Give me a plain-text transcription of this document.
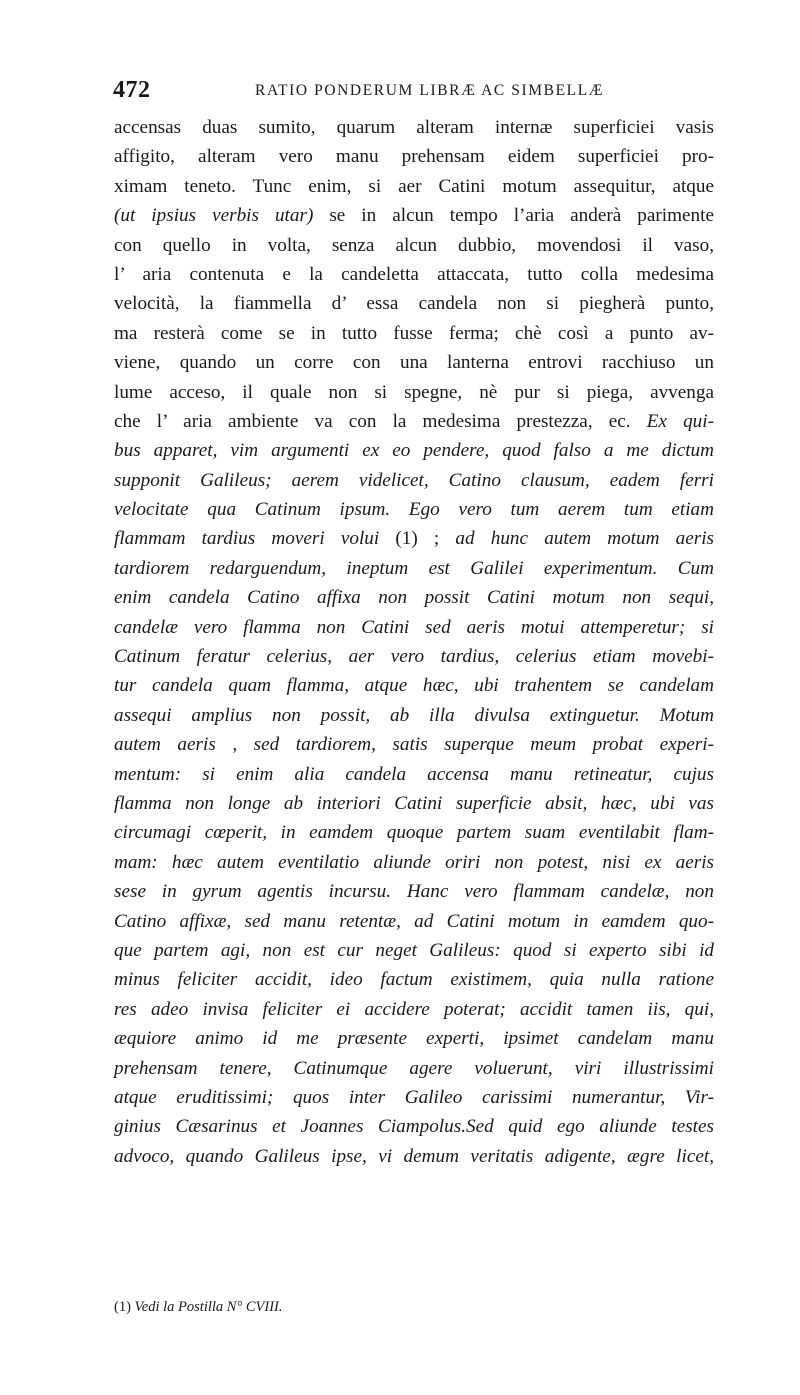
472	RATIO PONDERUM LIBRÆ AC SIMBELLÆ
accensas duas sumito, quarum alteram internæ superficiei vasis
affigito, alteram vero manu prehensam eidem superficiei pro-
ximam teneto. Tunc enim, si aer Catini motum assequitur, atque
(ut ipsius verbis utar) se in alcun tempo l’aria anderà parimente
con quello in volta, senza alcun dubbio, movendosi il vaso,
l’ aria contenuta e la candeletta attaccata, tutto colla medesima
velocità, la fiammella d’ essa candela non si piegherà punto,
ma resterà come se in tutto fusse ferma; chè così a punto av-
viene, quando un corre con una lanterna entrovi racchiuso un
lume acceso, il quale non si spegne, nè pur si piega, avvenga
che l’ aria ambiente va con la medesima prestezza, ec. Ex qui-
bus apparet, vim argumenti ex eo pendere, quod falso a me dictum
supponit Galileus; aerem videlicet, Catino clausum, eadem ferri
velocitate qua Catinum ipsum. Ego vero tum aerem tum etiam
flammam tardius moveri volui (1) ; ad hunc autem motum aeris
tardiorem redarguendum, ineptum est Galilei experimentum. Cum
enim candela Catino affixa non possit Catini motum non sequi,
candelæ vero flamma non Catini sed aeris motui attemperetur; si
Catinum feratur celerius, aer vero tardius, celerius etiam movebi-
tur candela quam flamma, atque hæc, ubi trahentem se candelam
assequi amplius non possit, ab illa divulsa extinguetur. Motum
autem aeris , sed tardiorem, satis superque meum probat experi-
mentum: si enim alia candela accensa manu retineatur, cujus
flamma non longe ab interiori Catini superficie absit, hæc, ubi vas
circumagi cœperit, in eamdem quoque partem suam eventilabit flam-
mam: hæc autem eventilatio aliunde oriri non potest, nisi ex aeris
sese in gyrum agentis incursu. Hanc vero flammam candelæ, non
Catino affixæ, sed manu retentæ, ad Catini motum in eamdem quo-
que partem agi, non est cur neget Galileus: quod si experto sibi id
minus feliciter accidit, ideo factum existimem, quia nulla ratione
res adeo invisa feliciter ei accidere poterat; accidit tamen iis, qui,
æquiore animo id me præsente experti, ipsimet candelam manu
prehensam tenere, Catinumque agere voluerunt, viri illustrissimi
atque eruditissimi; quos inter Galileo carissimi numerantur, Vir-
ginius Cæsarinus et Joannes Ciampolus.Sed quid ego aliunde testes
advoco, quando Galileus ipse, vi demum veritatis adigente, ægre licet,
(1) Vedi la Postilla N° CVIII.
